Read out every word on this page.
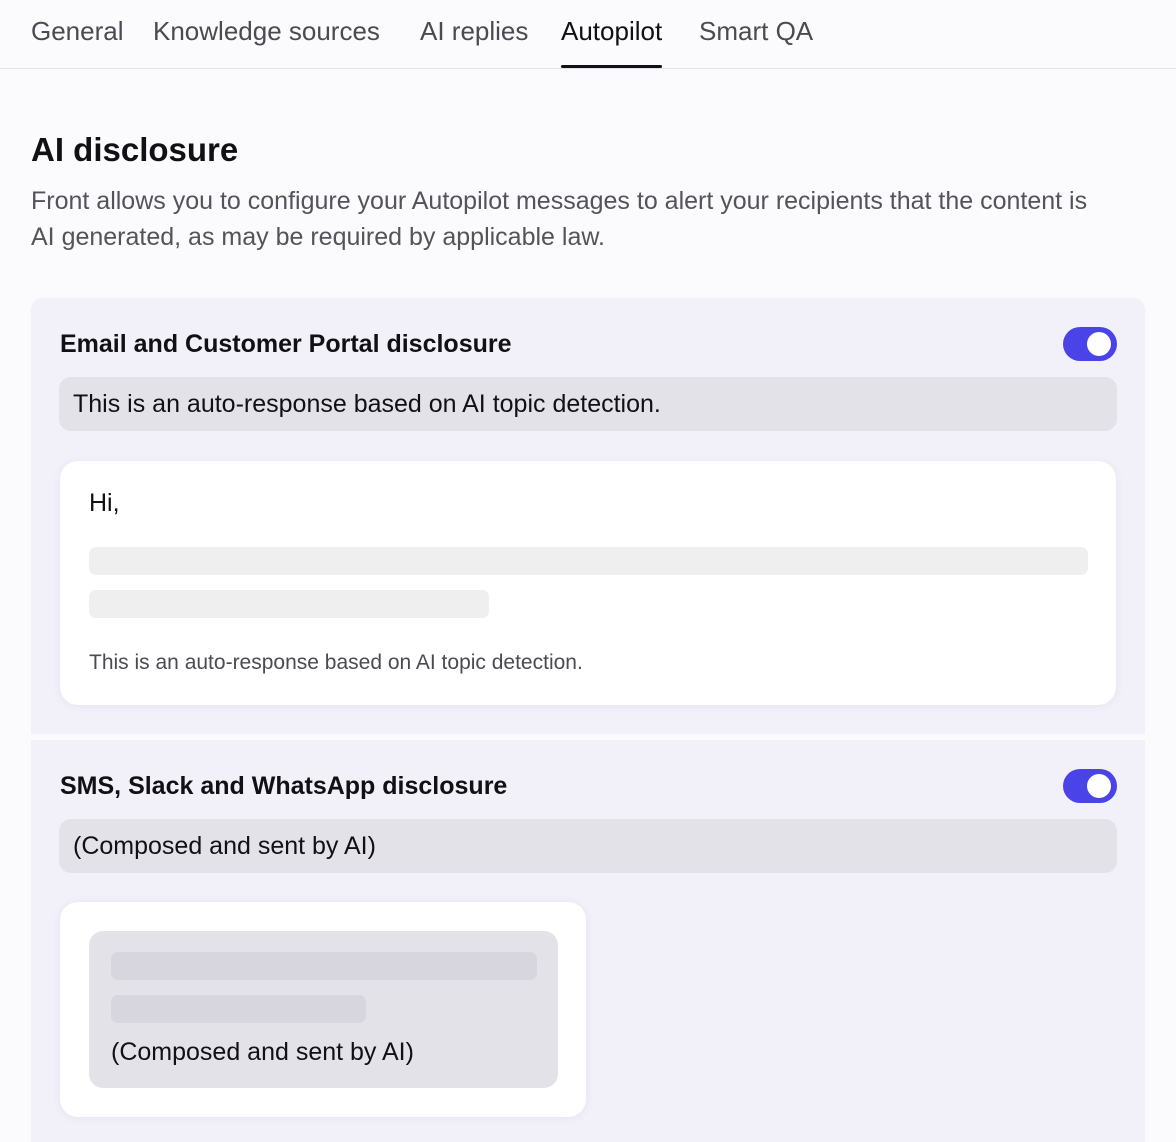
General Knowledge sources AI replies Autopilot Smart QA
AI disclosure

Front allows you to configure your Autopilot messages to alert your recipients that the content is AI generated, as may be required by applicable law.

Email and Customer Portal disclosure
This is an auto-response based on AI topic detection.
Hi,
This is an auto-response based on AI topic detection.
SMS, Slack and WhatsApp disclosure
(Composed and sent by AI)
(Composed and sent by AI)
